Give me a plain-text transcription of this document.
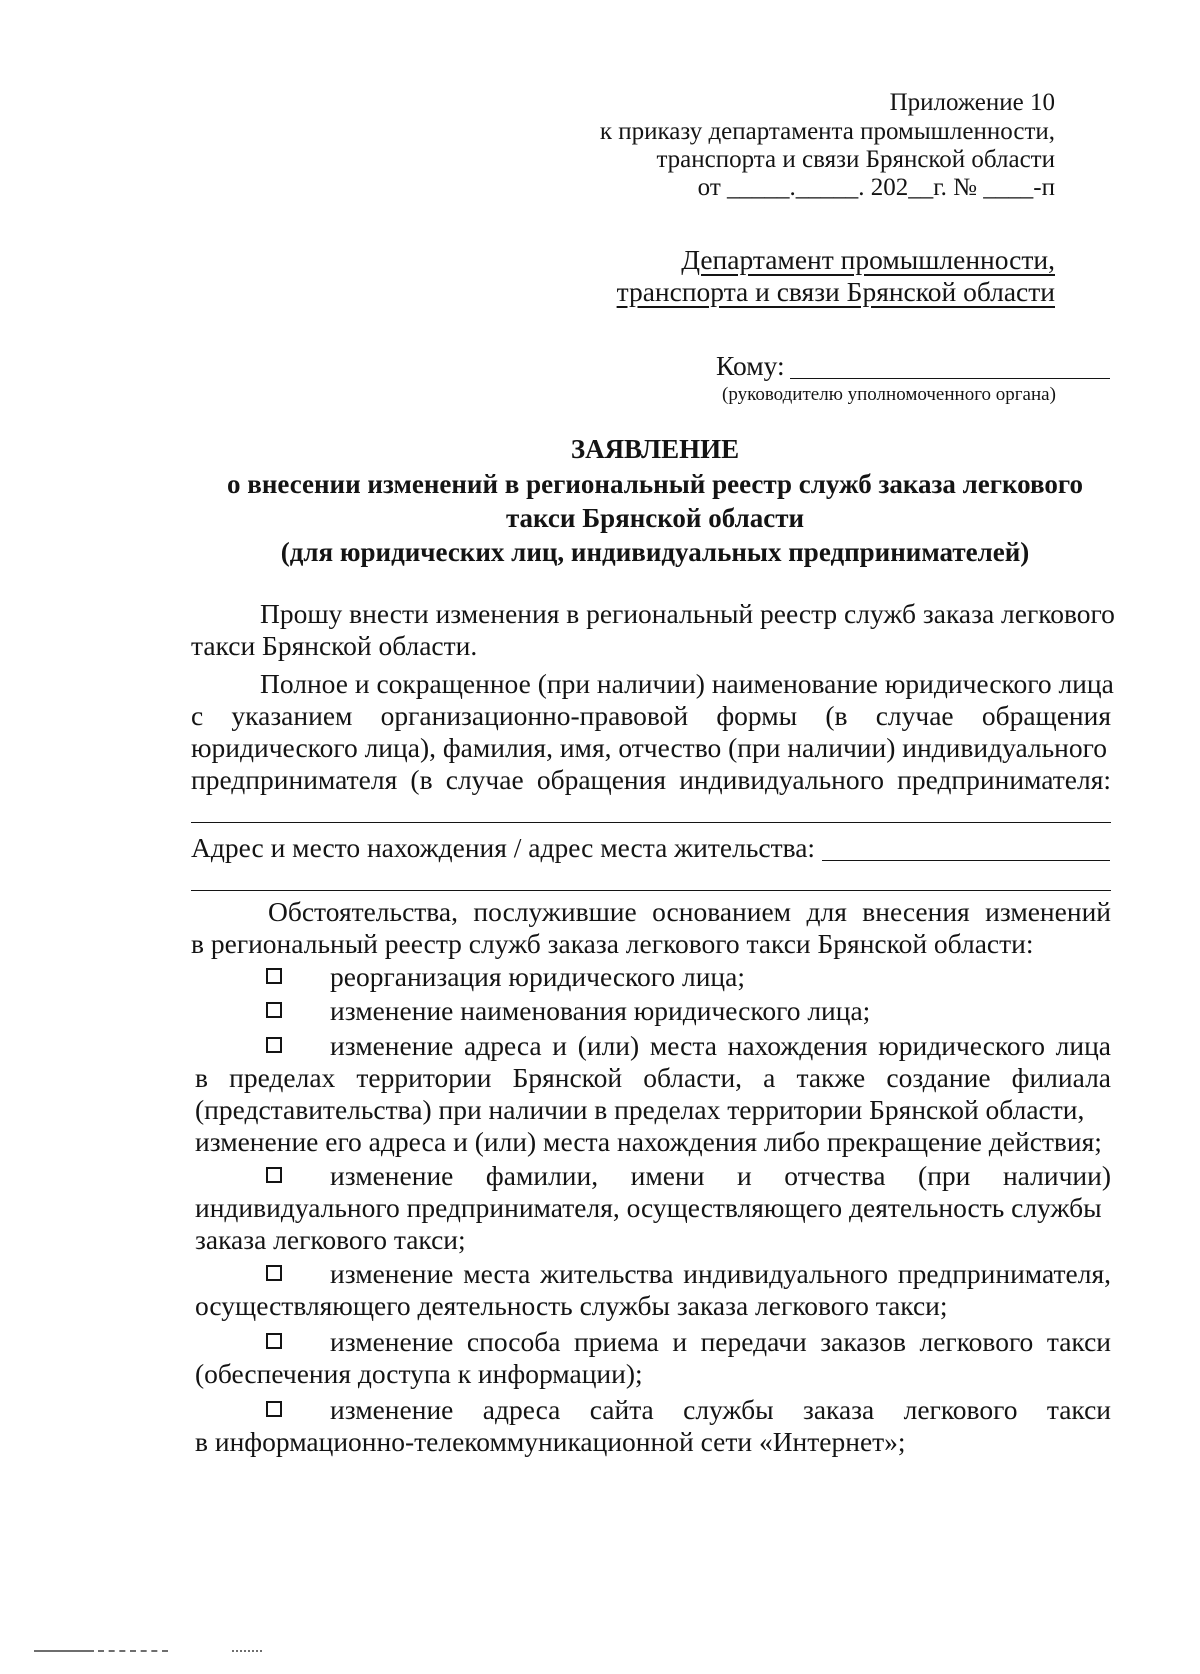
Приложение 10
к приказу департамента промышленности,
транспорта и связи Брянской области
от _____._____. 202__г. № ____-п
Департамент промышленности,
транспорта и связи Брянской области
Кому:
(руководителю уполномоченного органа)
ЗАЯВЛЕНИЕ
о внесении изменений в региональный реестр служб заказа легкового
такси Брянской области
(для юридических лиц, индивидуальных предпринимателей)
Прошу внести изменения в региональный реестр служб заказа легкового
такси Брянской области.
Полное и сокращенное (при наличии) наименование юридического лица
с указанием организационно-правовой формы (в случае обращения
юридического лица), фамилия, имя, отчество (при наличии) индивидуального
предпринимателя (в случае обращения индивидуального предпринимателя:
Адрес и место нахождения / адрес места жительства:
Обстоятельства, послужившие основанием для внесения изменений
в региональный реестр служб заказа легкового такси Брянской области:
реорганизация юридического лица;
изменение наименования юридического лица;
изменение адреса и (или) места нахождения юридического лица
в пределах территории Брянской области, а также создание филиала
(представительства) при наличии в пределах территории Брянской области,
изменение его адреса и (или) места нахождения либо прекращение действия;
изменение фамилии, имени и отчества (при наличии)
индивидуального предпринимателя, осуществляющего деятельность службы
заказа легкового такси;
изменение места жительства индивидуального предпринимателя,
осуществляющего деятельность службы заказа легкового такси;
изменение способа приема и передачи заказов легкового такси
(обеспечения доступа к информации);
изменение адреса сайта службы заказа легкового такси
в информационно-телекоммуникационной сети «Интернет»;
